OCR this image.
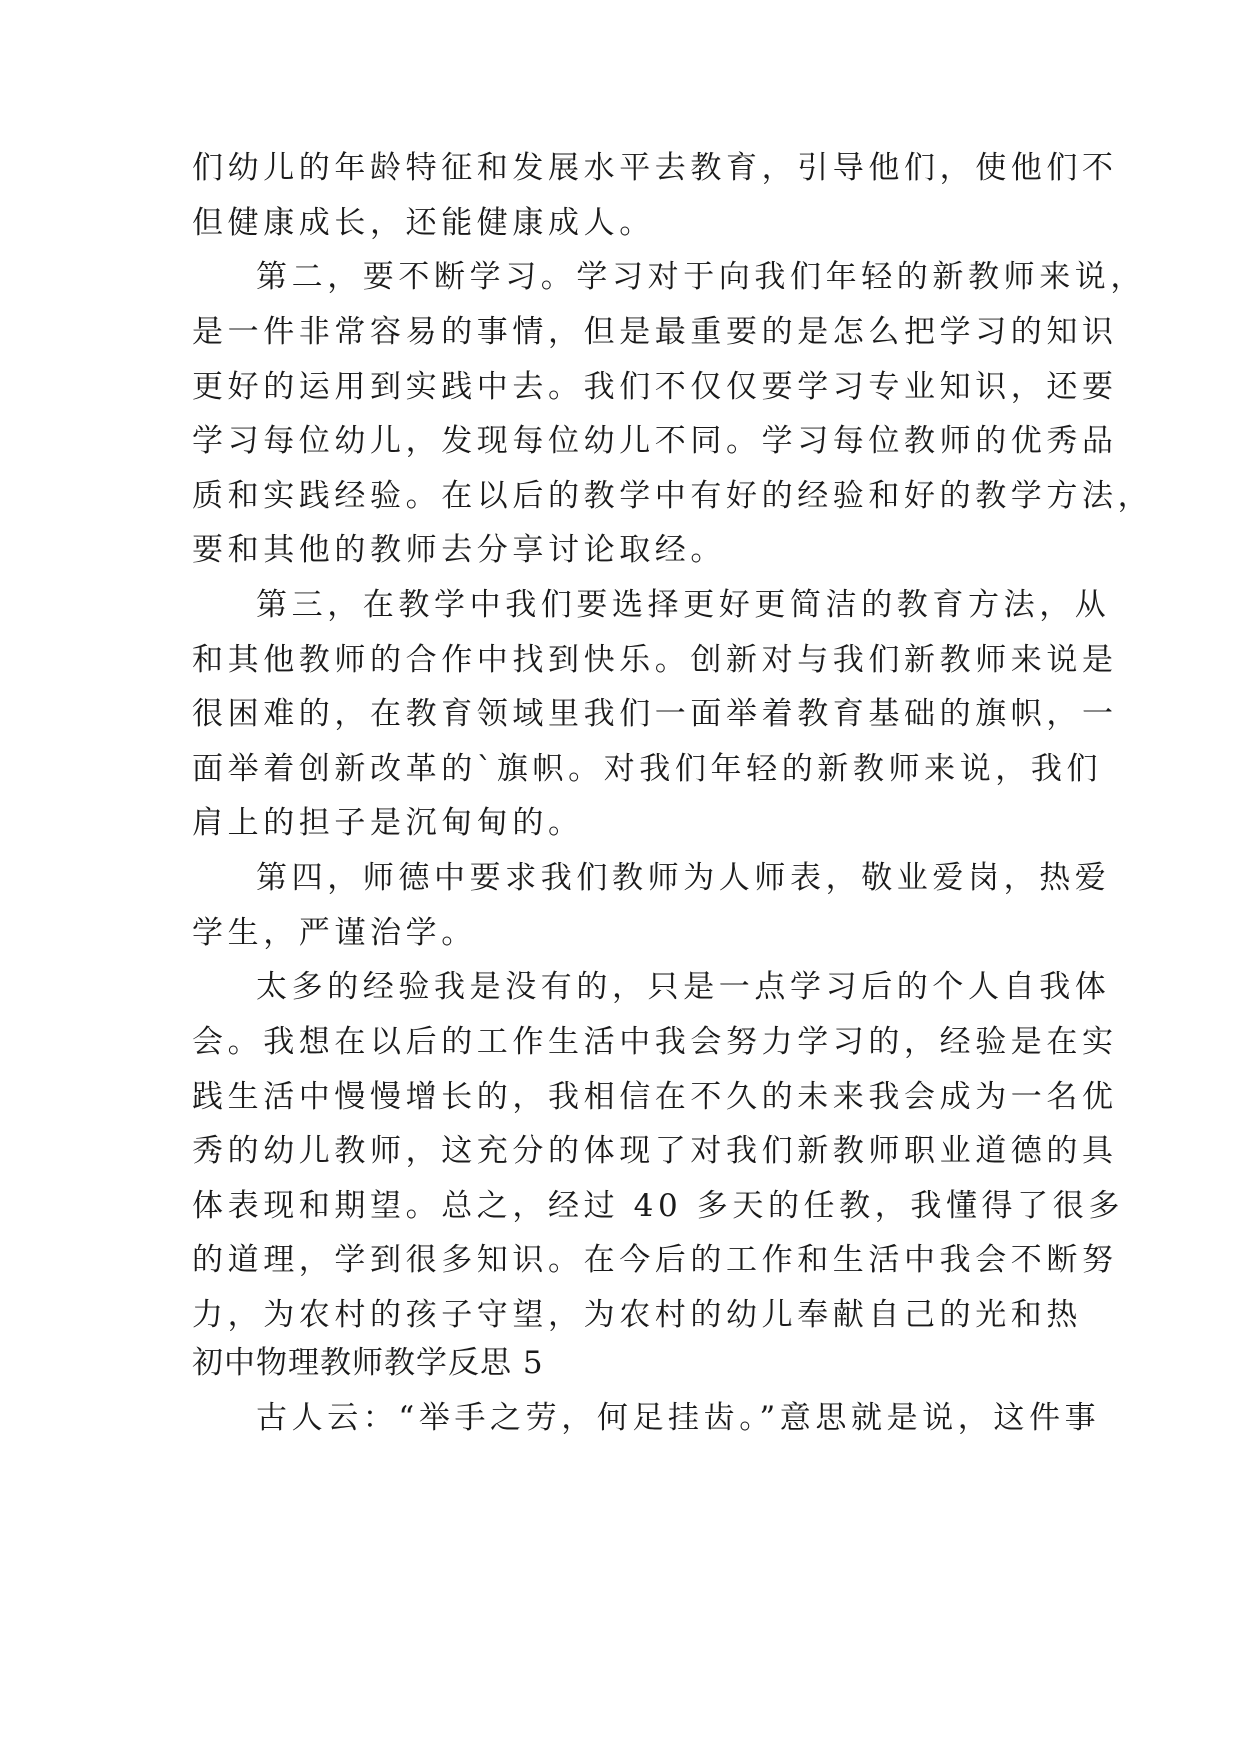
们幼儿的年龄特征和发展水平去教育，引导他们，使他们不

但健康成长，还能健康成人。

第二，要不断学习。学习对于向我们年轻的新教师来说，

是一件非常容易的事情，但是最重要的是怎么把学习的知识

更好的运用到实践中去。我们不仅仅要学习专业知识，还要

学习每位幼儿，发现每位幼儿不同。学习每位教师的优秀品

质和实践经验。在以后的教学中有好的经验和好的教学方法，

要和其他的教师去分享讨论取经。

第三，在教学中我们要选择更好更简洁的教育方法，从

和其他教师的合作中找到快乐。创新对与我们新教师来说是

很困难的，在教育领域里我们一面举着教育基础的旗帜，一

面举着创新改革的`旗帜。对我们年轻的新教师来说，我们

肩上的担子是沉甸甸的。

第四，师德中要求我们教师为人师表，敬业爱岗，热爱

学生，严谨治学。

太多的经验我是没有的，只是一点学习后的个人自我体

会。我想在以后的工作生活中我会努力学习的，经验是在实

践生活中慢慢增长的，我相信在不久的未来我会成为一名优

秀的幼儿教师，这充分的体现了对我们新教师职业道德的具

体表现和期望。总之，经过 40 多天的任教，我懂得了很多

的道理，学到很多知识。在今后的工作和生活中我会不断努

力，为农村的孩子守望，为农村的幼儿奉献自己的光和热

初中物理教师教学反思 5

古人云：“举手之劳，何足挂齿。”意思就是说，这件事
